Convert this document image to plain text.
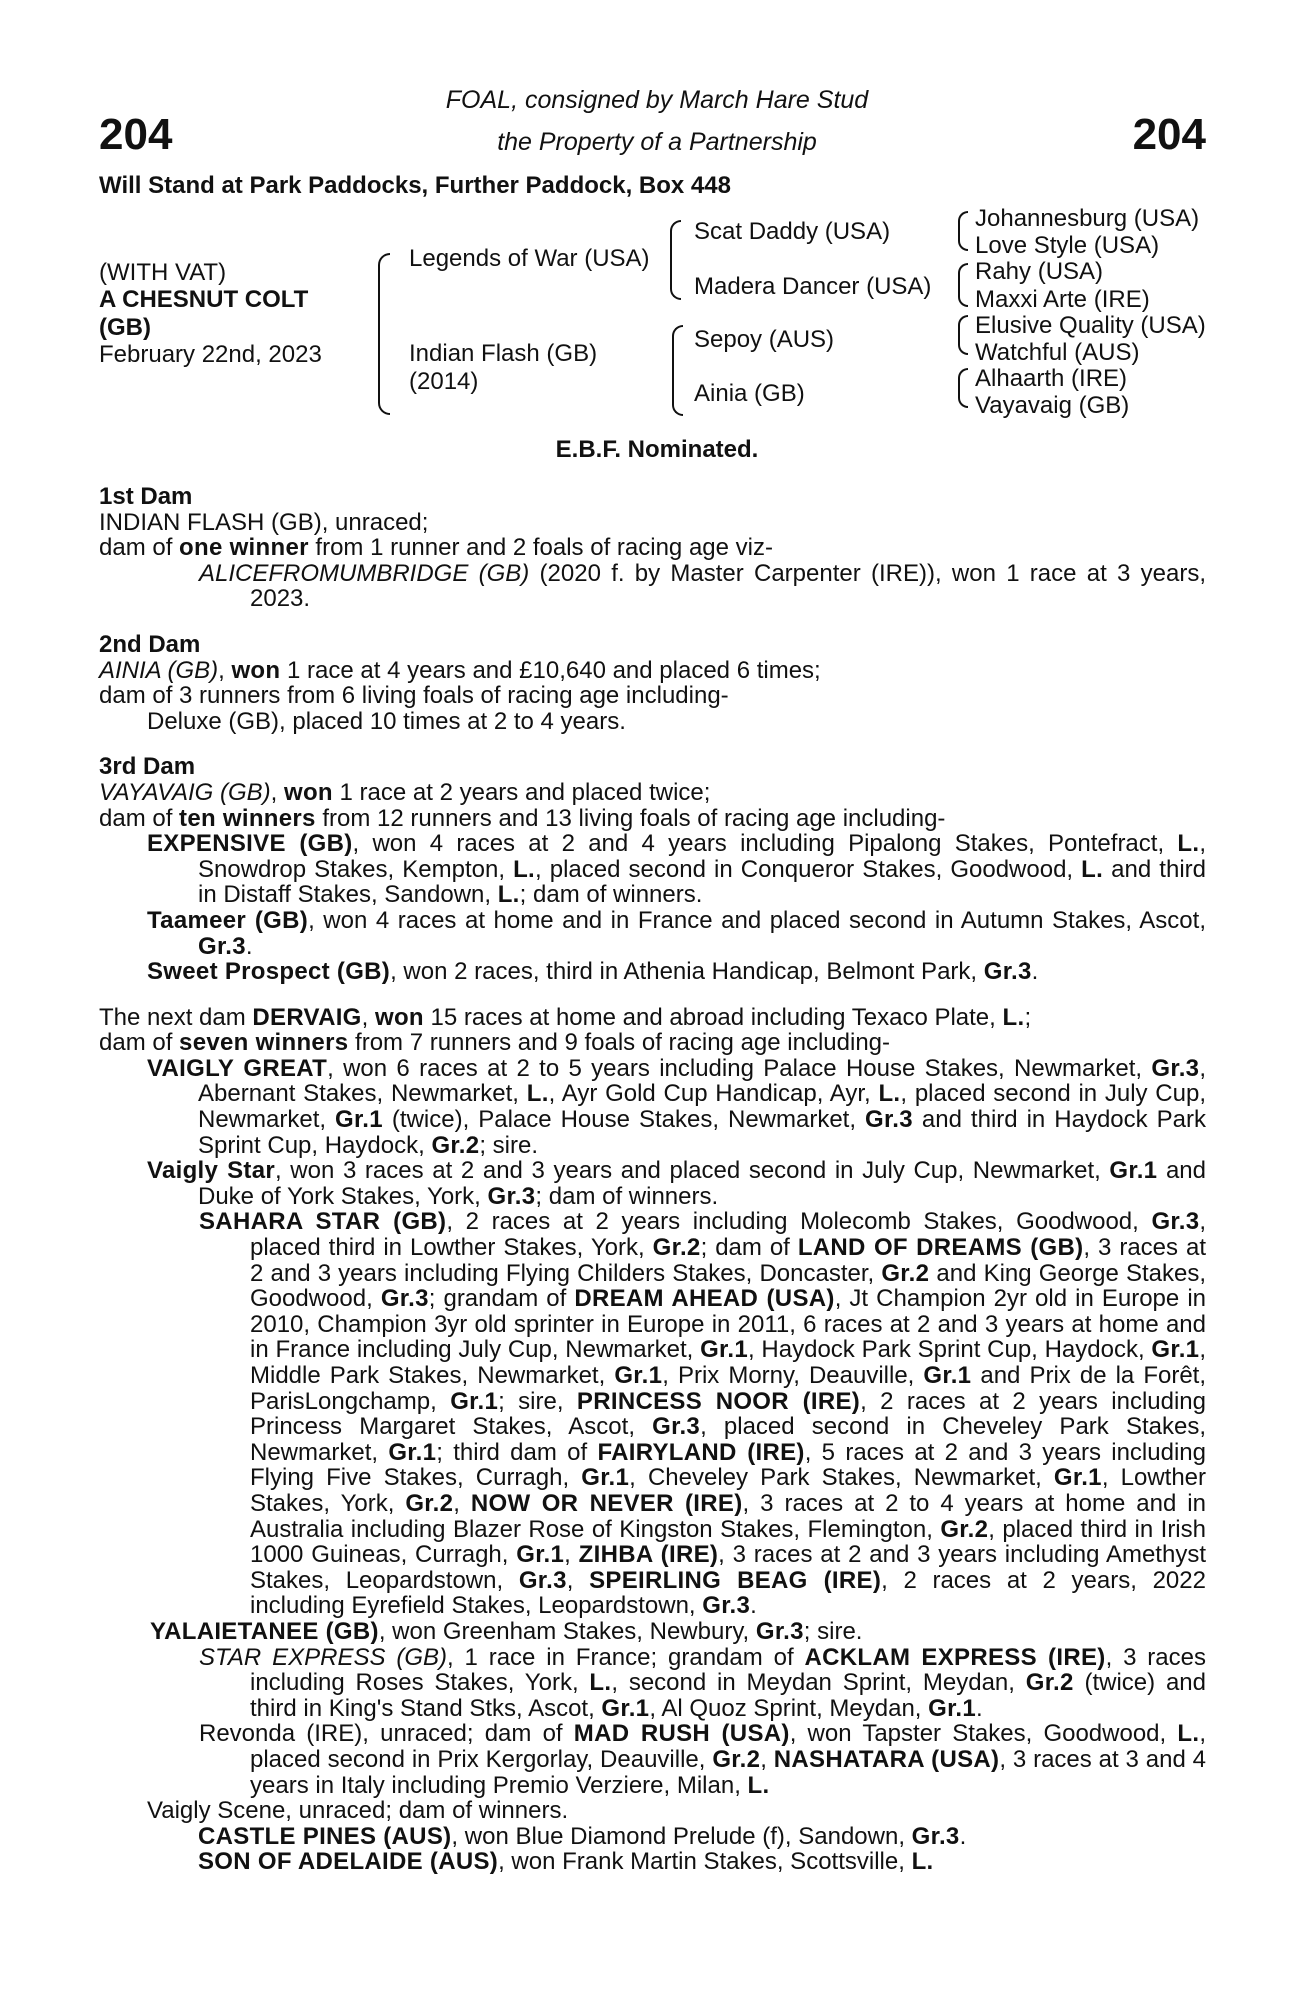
204	204
FOAL, consigned by March Hare Stud
the Property of a Partnership
Will Stand at Park Paddocks, Further Paddock, Box 448
(WITH VAT)
A CHESNUT COLT
(GB)
February 22nd, 2023
Legends of War (USA)
Indian Flash (GB)
(2014)
Scat Daddy (USA)
Madera Dancer (USA)
Sepoy (AUS)
Ainia (GB)
Johannesburg (USA)
Love Style (USA)
Rahy (USA)
Maxxi Arte (IRE)
Elusive Quality (USA)
Watchful (AUS)
Alhaarth (IRE)
Vayavaig (GB)
E.B.F. Nominated.

1st Dam

INDIAN FLASH (GB), unraced;

dam of one winner from 1 runner and 2 foals of racing age viz-

ALICEFROMUMBRIDGE (GB) (2020 f. by Master Carpenter (IRE)), won 1 race at 3 years, 2023.

2nd Dam

AINIA (GB), won 1 race at 4 years and £10,640 and placed 6 times;

dam of 3 runners from 6 living foals of racing age including-

Deluxe (GB), placed 10 times at 2 to 4 years.

3rd Dam

VAYAVAIG (GB), won 1 race at 2 years and placed twice;

dam of ten winners from 12 runners and 13 living foals of racing age including-

EXPENSIVE (GB), won 4 races at 2 and 4 years including Pipalong Stakes, Pontefract, L., Snowdrop Stakes, Kempton, L., placed second in Conqueror Stakes, Goodwood, L. and third in Distaff Stakes, Sandown, L.; dam of winners.

Taameer (GB), won 4 races at home and in France and placed second in Autumn Stakes, Ascot, Gr.3.

Sweet Prospect (GB), won 2 races, third in Athenia Handicap, Belmont Park, Gr.3.

The next dam DERVAIG, won 15 races at home and abroad including Texaco Plate, L.;

dam of seven winners from 7 runners and 9 foals of racing age including-

VAIGLY GREAT, won 6 races at 2 to 5 years including Palace House Stakes, Newmarket, Gr.3, Abernant Stakes, Newmarket, L., Ayr Gold Cup Handicap, Ayr, L., placed second in July Cup, Newmarket, Gr.1 (twice), Palace House Stakes, Newmarket, Gr.3 and third in Haydock Park Sprint Cup, Haydock, Gr.2; sire.

Vaigly Star, won 3 races at 2 and 3 years and placed second in July Cup, Newmarket, Gr.1 and Duke of York Stakes, York, Gr.3; dam of winners.

SAHARA STAR (GB), 2 races at 2 years including Molecomb Stakes, Goodwood, Gr.3, placed third in Lowther Stakes, York, Gr.2; dam of LAND OF DREAMS (GB), 3 races at 2 and 3 years including Flying Childers Stakes, Doncaster, Gr.2 and King George Stakes, Goodwood, Gr.3; grandam of DREAM AHEAD (USA), Jt Champion 2yr old in Europe in 2010, Champion 3yr old sprinter in Europe in 2011, 6 races at 2 and 3 years at home and in France including July Cup, Newmarket, Gr.1, Haydock Park Sprint Cup, Haydock, Gr.1, Middle Park Stakes, Newmarket, Gr.1, Prix Morny, Deauville, Gr.1 and Prix de la Forêt, ParisLongchamp, Gr.1; sire, PRINCESS NOOR (IRE), 2 races at 2 years including Princess Margaret Stakes, Ascot, Gr.3, placed second in Cheveley Park Stakes, Newmarket, Gr.1; third dam of FAIRYLAND (IRE), 5 races at 2 and 3 years including Flying Five Stakes, Curragh, Gr.1, Cheveley Park Stakes, Newmarket, Gr.1, Lowther Stakes, York, Gr.2, NOW OR NEVER (IRE), 3 races at 2 to 4 years at home and in Australia including Blazer Rose of Kingston Stakes, Flemington, Gr.2, placed third in Irish 1000 Guineas, Curragh, Gr.1, ZIHBA (IRE), 3 races at 2 and 3 years including Amethyst Stakes, Leopardstown, Gr.3, SPEIRLING BEAG (IRE), 2 races at 2 years, 2022 including Eyrefield Stakes, Leopardstown, Gr.3.

YALAIETANEE (GB), won Greenham Stakes, Newbury, Gr.3; sire.

STAR EXPRESS (GB), 1 race in France; grandam of ACKLAM EXPRESS (IRE), 3 races including Roses Stakes, York, L., second in Meydan Sprint, Meydan, Gr.2 (twice) and third in King's Stand Stks, Ascot, Gr.1, Al Quoz Sprint, Meydan, Gr.1.

Revonda (IRE), unraced; dam of MAD RUSH (USA), won Tapster Stakes, Goodwood, L., placed second in Prix Kergorlay, Deauville, Gr.2, NASHATARA (USA), 3 races at 3 and 4 years in Italy including Premio Verziere, Milan, L.

Vaigly Scene, unraced; dam of winners.

CASTLE PINES (AUS), won Blue Diamond Prelude (f), Sandown, Gr.3.

SON OF ADELAIDE (AUS), won Frank Martin Stakes, Scottsville, L.
